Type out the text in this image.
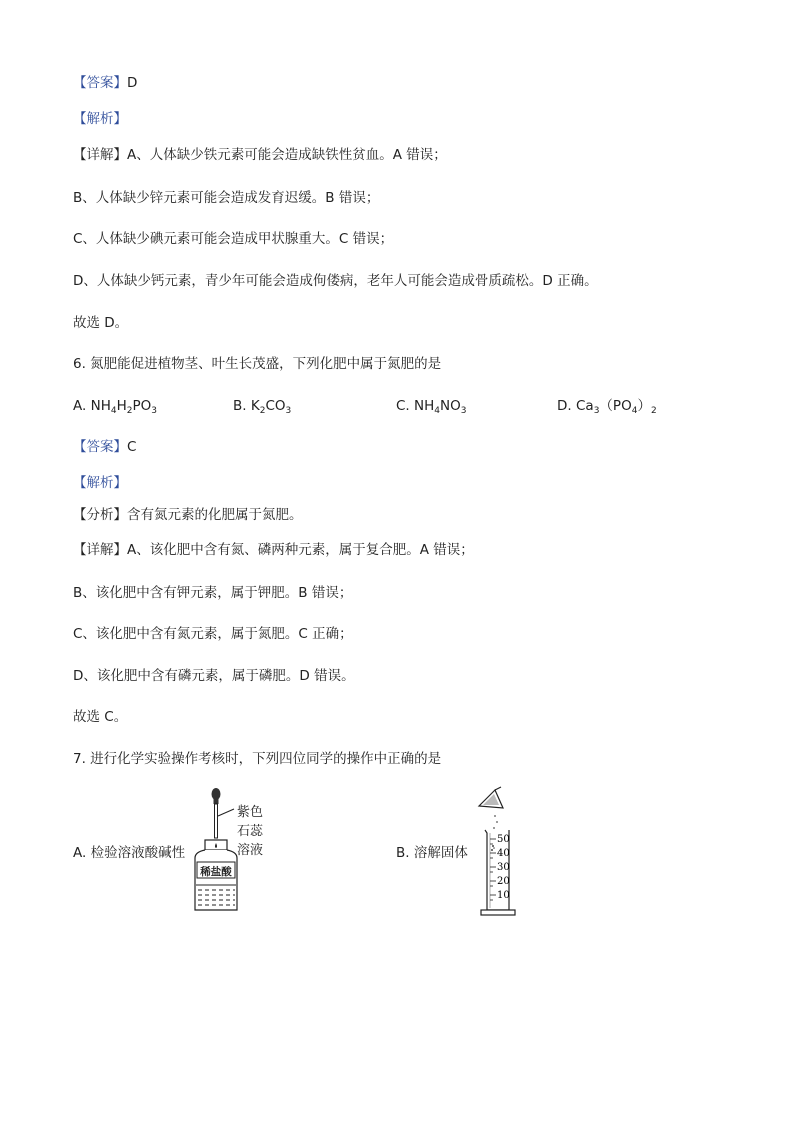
【答案】D
【解析】
【详解】A、人体缺少铁元素可能会造成缺铁性贫血。A 错误；
B、人体缺少锌元素可能会造成发育迟缓。B 错误；
C、人体缺少碘元素可能会造成甲状腺重大。C 错误；
D、人体缺少钙元素，青少年可能会造成佝偻病，老年人可能会造成骨质疏松。D 正确。
故选 D。
6. 氮肥能促进植物茎、叶生长茂盛，下列化肥中属于氮肥的是
A. $NH_4H_2PO_3$	B. $K_2CO_3$	C. $NH_4NO_3$	D. $Ca_3(PO_4)_2$
【答案】C
【解析】
【分析】含有氮元素的化肥属于氮肥。
【详解】A、该化肥中含有氮、磷两种元素，属于复合肥。A 错误；
B、该化肥中含有钾元素，属于钾肥。B 错误；
C、该化肥中含有氮元素，属于氮肥。C 正确；
D、该化肥中含有磷元素，属于磷肥。D 错误。
故选 C。
7. 进行化学实验操作考核时，下列四位同学的操作中正确的是
A. 检验溶液酸碱性
紫色
石蕊
溶液
稀盐酸
B. 溶解固体
50
40
30
20
10
